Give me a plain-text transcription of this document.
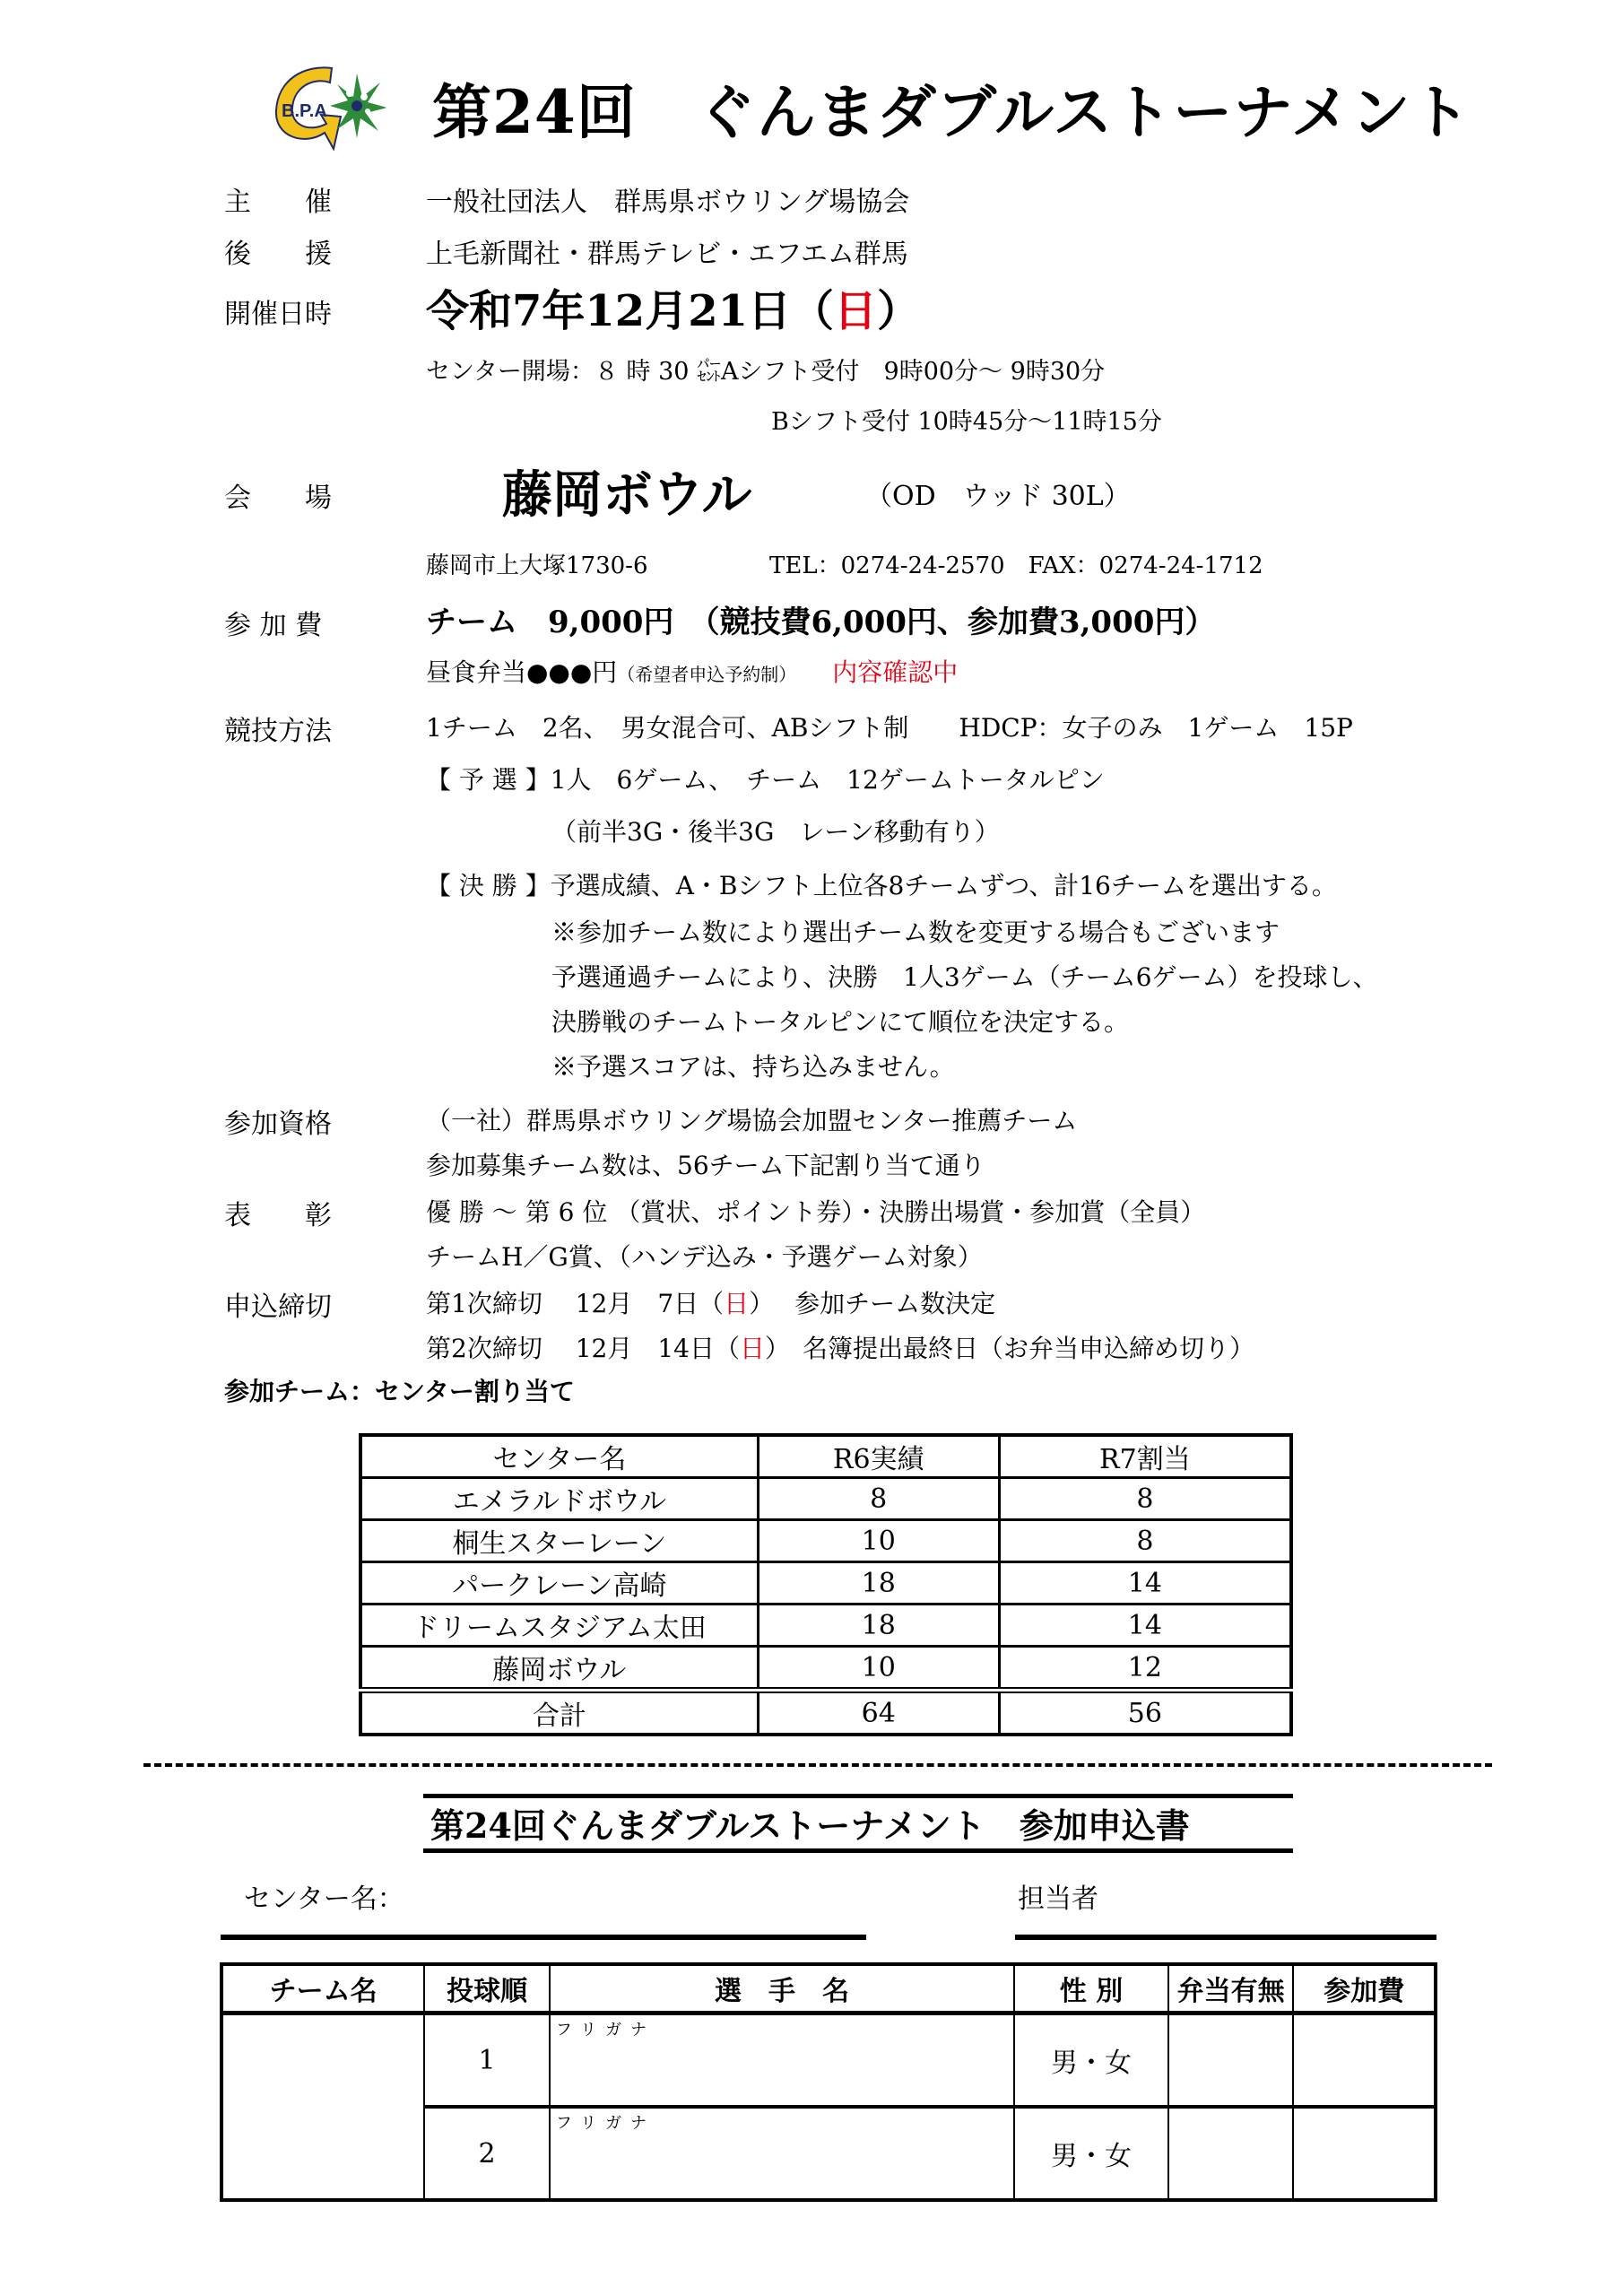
B.P.A 第24回　ぐんまダブルストーナメント
主　　催	一般社団法人　群馬県ボウリング場協会
後　　援	上毛新聞社・群馬テレビ・エフエム群馬
開催日時 令和7年12月21日（日）
センター開場：８ 時 30 ㌫Aシフト受付　9時00分～ 9時30分
Bシフト受付 10時45分～11時15分
会　　場	藤岡ボウル	（OD　ウッド 30L）
藤岡市上大塚1730-6	TEL：0274-24-2570　FAX：0274-24-1712
参 加 費	チーム　9,000円　（競技費6,000円、参加費3,000円）
昼食弁当●●●円（希望者申込予約制） 内容確認中
競技方法	1チーム　2名、　男女混合可、ABシフト制　　HDCP：女子のみ　1ゲーム　15P
【 予 選 】1人　6ゲーム、　チーム　12ゲームトータルピン
（前半3G・後半3G　レーン移動有り）
【 決 勝 】予選成績、A・Bシフト上位各8チームずつ、計16チームを選出する。
※参加チーム数により選出チーム数を変更する場合もございます
予選通過チームにより、決勝　1人3ゲーム（チーム6ゲーム）を投球し、
決勝戦のチームトータルピンにて順位を決定する。
※予選スコアは、持ち込みません。
参加資格	（一社）群馬県ボウリング場協会加盟センター推薦チーム
参加募集チーム数は、56チーム下記割り当て通り
表　　彰	優 勝 ～ 第 6 位 （賞状、ポイント券）・決勝出場賞・参加賞（全員）
チームH／G賞、（ハンデ込み・予選ゲーム対象）
申込締切	第1次締切　 12月　7日（日）　 参加チーム数決定
第2次締切　 12月　14日（日）　名簿提出最終日（お弁当申込締め切り）
参加チーム：センター割り当て
センター名	R6実績	R7割当
エメラルドボウル	8	8
桐生スターレーン	10	8
パークレーン高崎	18	14
ドリームスタジアム太田	18	14
藤岡ボウル	10	12
合計	64	56
第24回ぐんまダブルストーナメント　参加申込書
センター名：	担当者
チーム名	投球順	選　手　名	性 別	弁当有無	参加費
	1	フリガナ	男・女		
	2	フリガナ	男・女		
